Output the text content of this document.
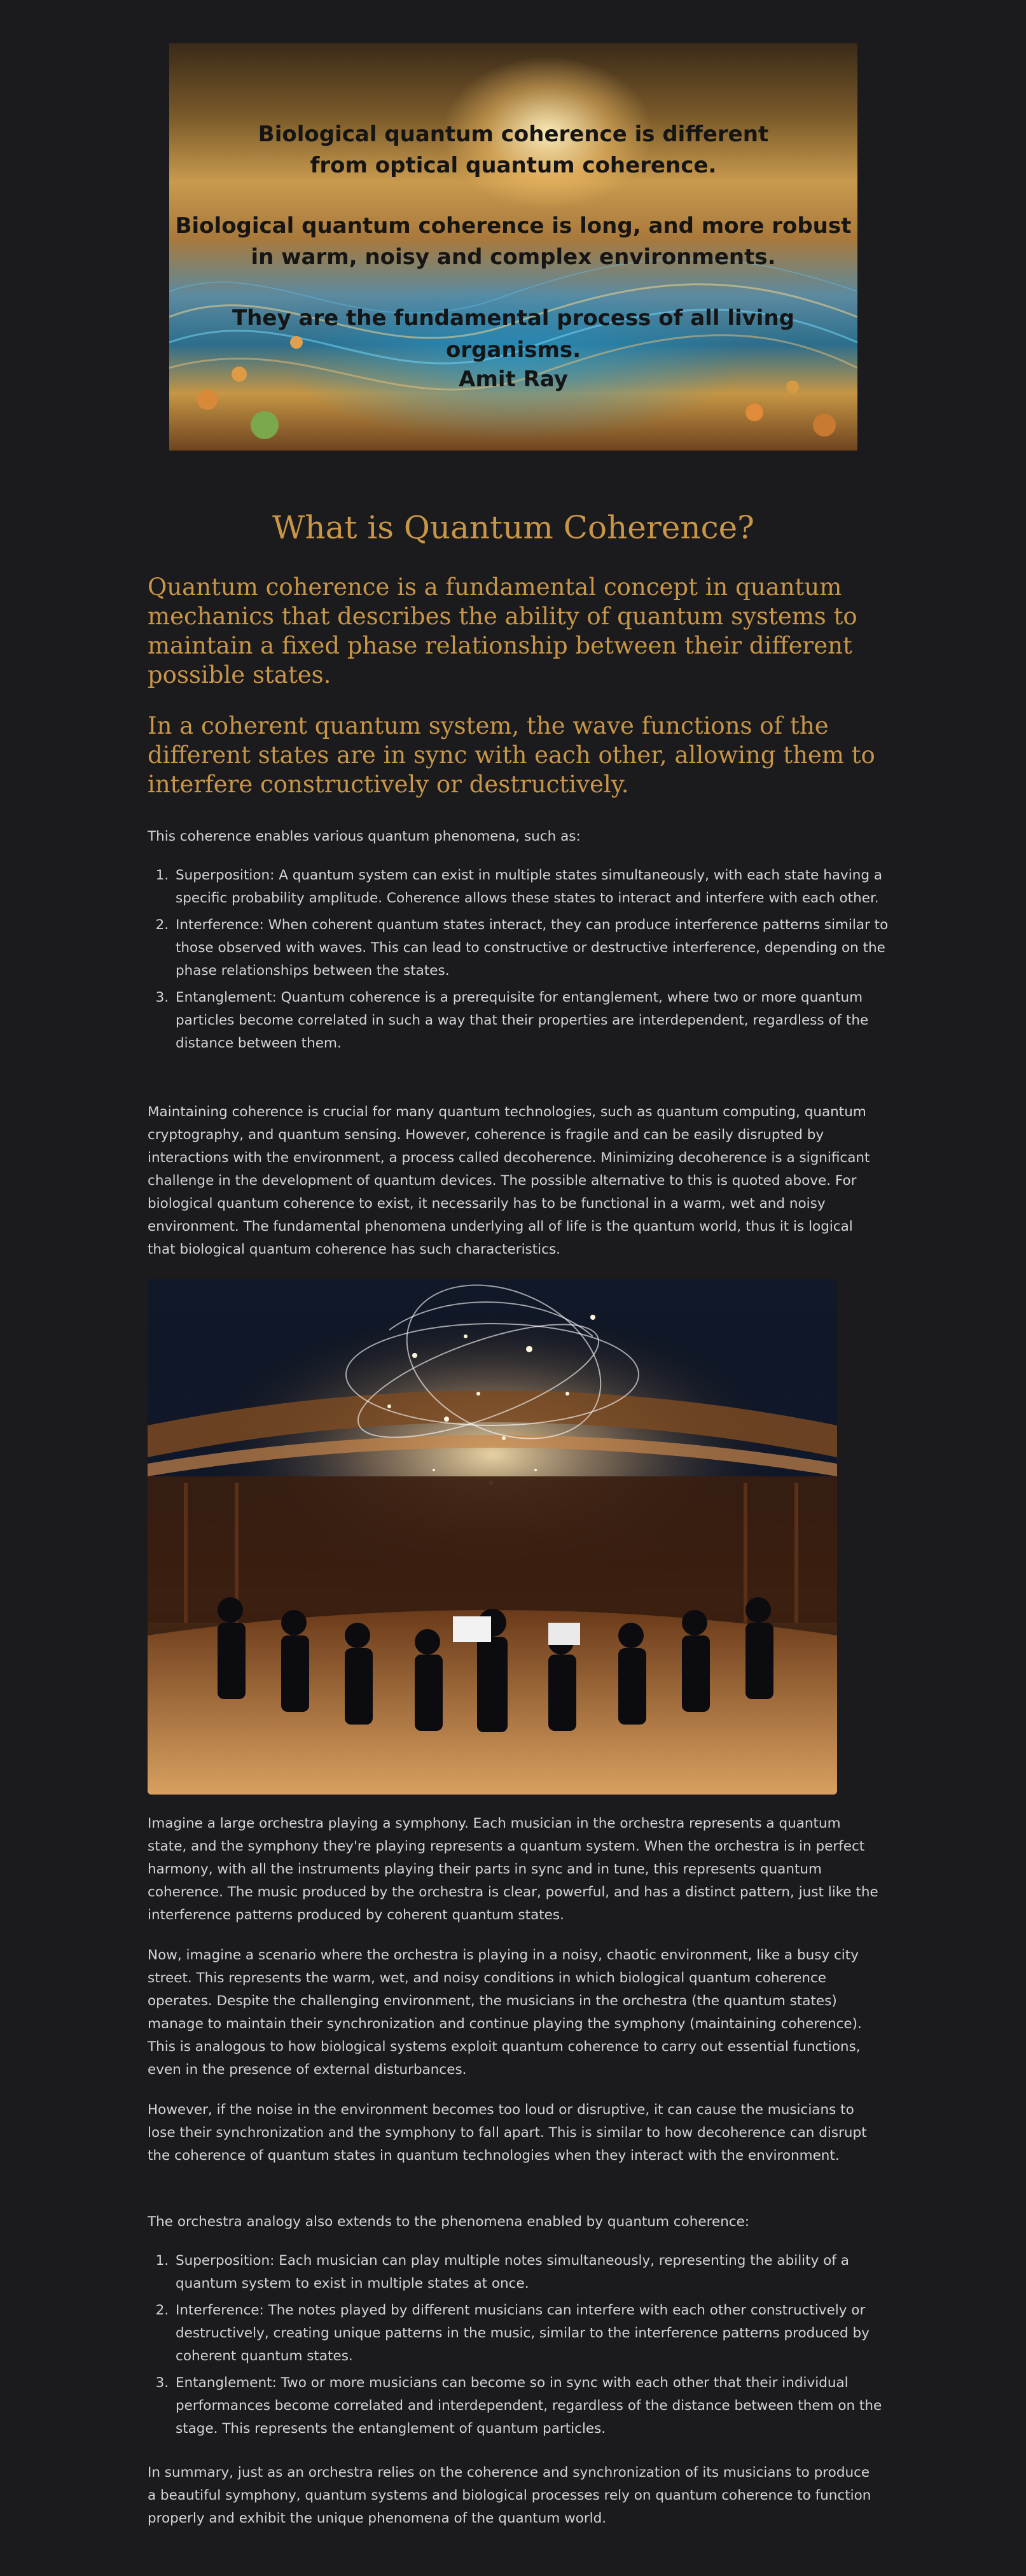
Biological quantum coherence is different
from optical quantum coherence.
Biological quantum coherence is long, and more robust
in warm, noisy and complex environments.
They are the fundamental process of all living organisms.
Amit Ray
What is Quantum Coherence?

Quantum coherence is a fundamental concept in quantum mechanics that describes the ability of quantum systems to maintain a fixed phase relationship between their different possible states.

In a coherent quantum system, the wave functions of the different states are in sync with each other, allowing them to interfere constructively or destructively.

This coherence enables various quantum phenomena, such as:

1. Superposition: A quantum system can exist in multiple states simultaneously, with each state having a specific probability amplitude. Coherence allows these states to interact and interfere with each other.
2. Interference: When coherent quantum states interact, they can produce interference patterns similar to those observed with waves. This can lead to constructive or destructive interference, depending on the phase relationships between the states.
3. Entanglement: Quantum coherence is a prerequisite for entanglement, where two or more quantum particles become correlated in such a way that their properties are interdependent, regardless of the distance between them.

Maintaining coherence is crucial for many quantum technologies, such as quantum computing, quantum cryptography, and quantum sensing. However, coherence is fragile and can be easily disrupted by interactions with the environment, a process called decoherence. Minimizing decoherence is a significant challenge in the development of quantum devices. The possible alternative to this is quoted above. For biological quantum coherence to exist, it necessarily has to be functional in a warm, wet and noisy environment. The fundamental phenomena underlying all of life is the quantum world, thus it is logical that biological quantum coherence has such characteristics.

Imagine a large orchestra playing a symphony. Each musician in the orchestra represents a quantum state, and the symphony they're playing represents a quantum system. When the orchestra is in perfect harmony, with all the instruments playing their parts in sync and in tune, this represents quantum coherence. The music produced by the orchestra is clear, powerful, and has a distinct pattern, just like the interference patterns produced by coherent quantum states.

Now, imagine a scenario where the orchestra is playing in a noisy, chaotic environment, like a busy city street. This represents the warm, wet, and noisy conditions in which biological quantum coherence operates. Despite the challenging environment, the musicians in the orchestra (the quantum states) manage to maintain their synchronization and continue playing the symphony (maintaining coherence). This is analogous to how biological systems exploit quantum coherence to carry out essential functions, even in the presence of external disturbances.

However, if the noise in the environment becomes too loud or disruptive, it can cause the musicians to lose their synchronization and the symphony to fall apart. This is similar to how decoherence can disrupt the coherence of quantum states in quantum technologies when they interact with the environment.

The orchestra analogy also extends to the phenomena enabled by quantum coherence:

1. Superposition: Each musician can play multiple notes simultaneously, representing the ability of a quantum system to exist in multiple states at once.
2. Interference: The notes played by different musicians can interfere with each other constructively or destructively, creating unique patterns in the music, similar to the interference patterns produced by coherent quantum states.
3. Entanglement: Two or more musicians can become so in sync with each other that their individual performances become correlated and interdependent, regardless of the distance between them on the stage. This represents the entanglement of quantum particles.

In summary, just as an orchestra relies on the coherence and synchronization of its musicians to produce a beautiful symphony, quantum systems and biological processes rely on quantum coherence to function properly and exhibit the unique phenomena of the quantum world.
